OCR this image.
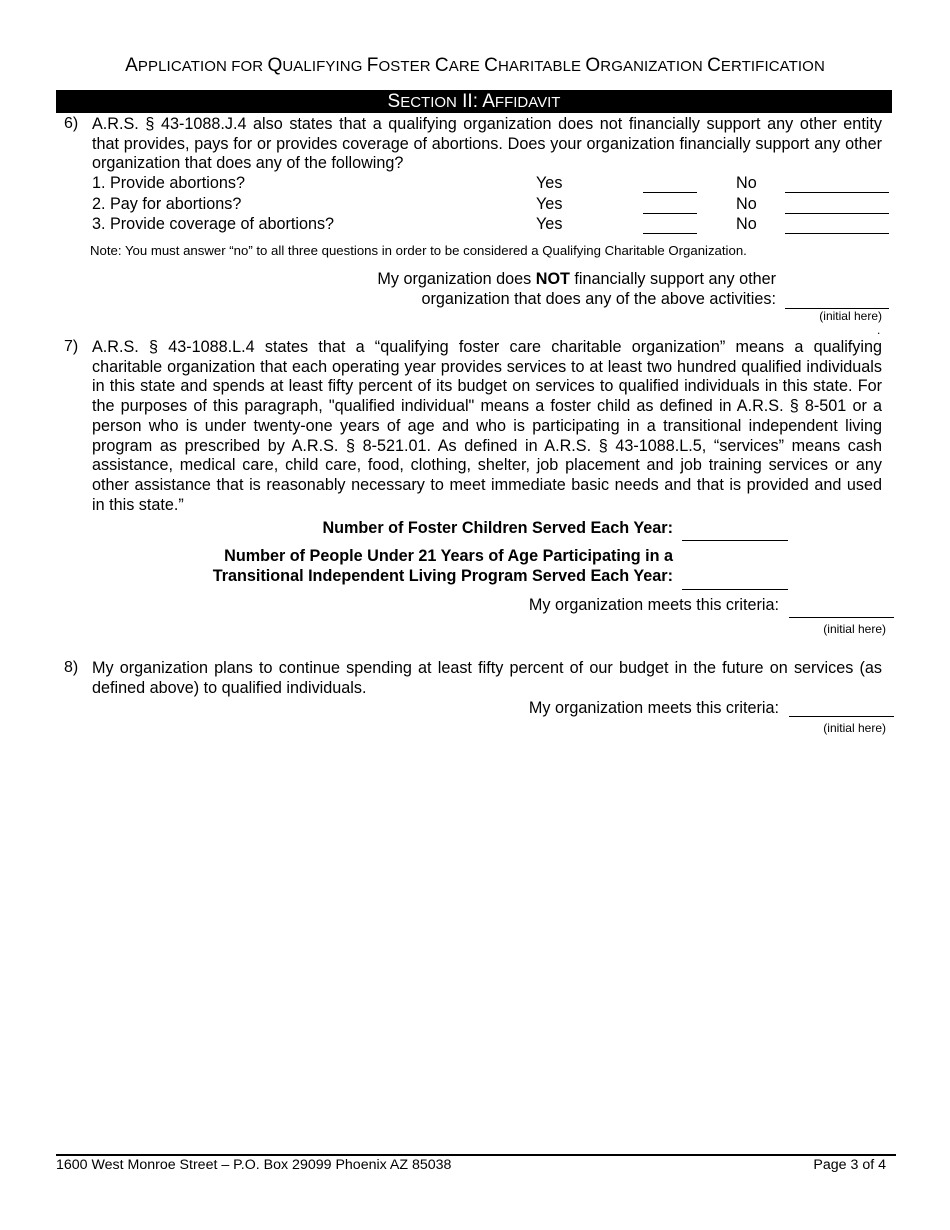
APPLICATION FOR QUALIFYING FOSTER CARE CHARITABLE ORGANIZATION CERTIFICATION
SECTION II: AFFIDAVIT
6) A.R.S. § 43-1088.J.4 also states that a qualifying organization does not financially support any other entity that provides, pays for or provides coverage of abortions. Does your organization financially support any other organization that does any of the following?
1. Provide abortions?	Yes	No
2. Pay for abortions?	Yes	No
3. Provide coverage of abortions?	Yes	No
Note: You must answer “no” to all three questions in order to be considered a Qualifying Charitable Organization.
My organization does NOT financially support any other
organization that does any of the above activities:
(initial here)
.
7) A.R.S. § 43-1088.L.4 states that a “qualifying foster care charitable organization” means a qualifying charitable organization that each operating year provides services to at least two hundred qualified individuals in this state and spends at least fifty percent of its budget on services to qualified individuals in this state. For the purposes of this paragraph, "qualified individual" means a foster child as defined in A.R.S. § 8-501 or a person who is under twenty-one years of age and who is participating in a transitional independent living program as prescribed by A.R.S. § 8-521.01. As defined in A.R.S. § 43-1088.L.5, “services” means cash assistance, medical care, child care, food, clothing, shelter, job placement and job training services or any other assistance that is reasonably necessary to meet immediate basic needs and that is provided and used in this state.”
Number of Foster Children Served Each Year:
Number of People Under 21 Years of Age Participating in a
Transitional Independent Living Program Served Each Year:
My organization meets this criteria:
(initial here)
8) My organization plans to continue spending at least fifty percent of our budget in the future on services (as defined above) to qualified individuals.
My organization meets this criteria:
(initial here)
1600 West Monroe Street – P.O. Box 29099 Phoenix AZ 85038	Page 3 of 4
